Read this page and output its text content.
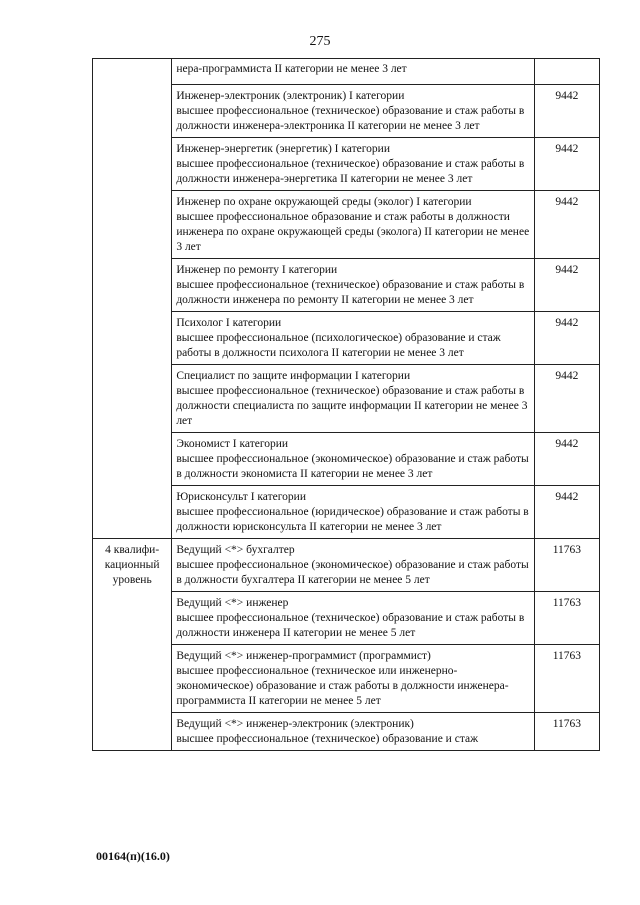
275

	нера-программиста II категории не менее 3 лет	

	Инженер-электроник (электроник) I категории
высшее профессиональное (техническое) образование и стаж работы в должности инженера-электроника II категории не менее 3 лет	9442

	Инженер-энергетик (энергетик) I категории
высшее профессиональное (техническое) образование и стаж работы в должности инженера-энергетика II категории не менее 3 лет	9442

	Инженер по охране окружающей среды (эколог) I категории
высшее профессиональное образование и стаж работы в должности инженера по охране окружающей среды (эколога) II категории не менее 3 лет	9442

	Инженер по ремонту I категории
высшее профессиональное (техническое) образование и стаж работы в должности инженера по ремонту II категории не менее 3 лет	9442

	Психолог I категории
высшее профессиональное (психологическое) образование и стаж работы в должности психолога II категории не менее 3 лет	9442

	Специалист по защите информации I категории
высшее профессиональное (техническое) образование и стаж работы в должности специалиста по защите информации II категории не менее 3 лет	9442

	Экономист I категории
высшее профессиональное (экономическое) образование и стаж работы в должности экономиста II категории не менее 3 лет	9442

	Юрисконсульт I категории
высшее профессиональное (юридическое) образование и стаж работы в должности юрисконсульта II категории не менее 3 лет	9442
4 квалифи-кационный уровень	Ведущий <*> бухгалтер
высшее профессиональное (экономическое) образование и стаж работы в должности бухгалтера II категории не менее 5 лет	11763

	Ведущий <*> инженер
высшее профессиональное (техническое) образование и стаж работы в должности инженера II категории не менее 5 лет	11763

	Ведущий <*> инженер-программист (программист)
высшее профессиональное (техническое или инженерно-экономическое) образование и стаж работы в должности инженера-программиста II категории не менее 5 лет	11763

	Ведущий <*> инженер-электроник (электроник)
высшее профессиональное (техническое) образование и стаж	11763
00164(п)(16.0)
